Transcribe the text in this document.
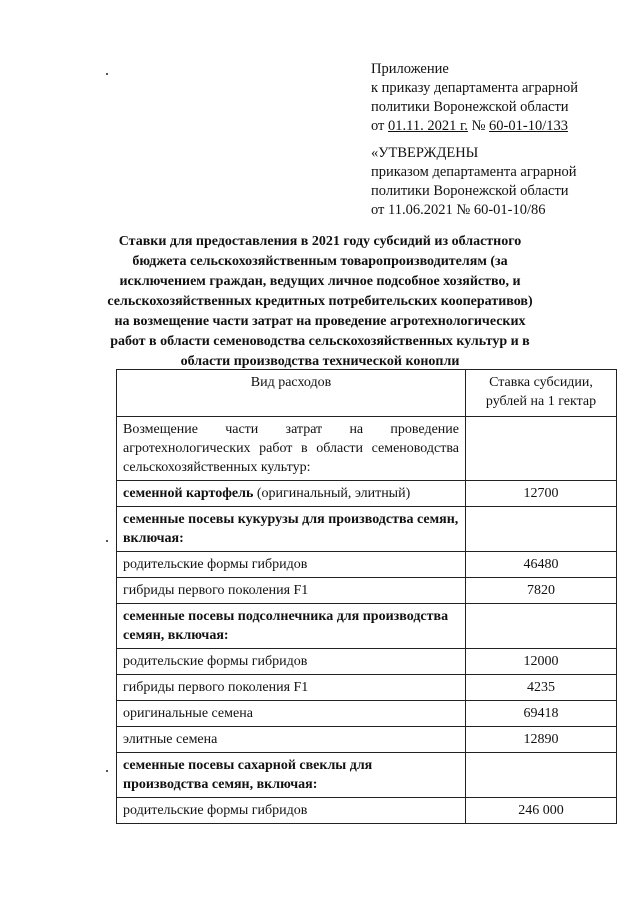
Приложение
к приказу департамента аграрной
политики Воронежской области
от 01.11. 2021 г. № 60-01-10/133
«УТВЕРЖДЕНЫ
приказом департамента аграрной
политики Воронежской области
от 11.06.2021 № 60-01-10/86
Ставки для предоставления в 2021 году субсидий из областного бюджета сельскохозяйственным товаропроизводителям (за исключением граждан, ведущих личное подсобное хозяйство, и сельскохозяйственных кредитных потребительских кооперативов) на возмещение части затрат на проведение агротехнологических работ в области семеноводства сельскохозяйственных культур и в области производства технической конопли
Вид расходов	Ставка субсидии, рублей на 1 гектар
Возмещение части затрат на проведение агротехнологических работ в области семеноводства сельскохозяйственных культур:	
семенной картофель (оригинальный, элитный)	12700
семенные посевы кукурузы для производства семян, включая:	
родительские формы гибридов	46480
гибриды первого поколения F1	7820
семенные посевы подсолнечника для производства семян, включая:	
родительские формы гибридов	12000
гибриды первого поколения F1	4235
оригинальные семена	69418
элитные семена	12890
семенные посевы сахарной свеклы для производства семян, включая:	
родительские формы гибридов	246 000
